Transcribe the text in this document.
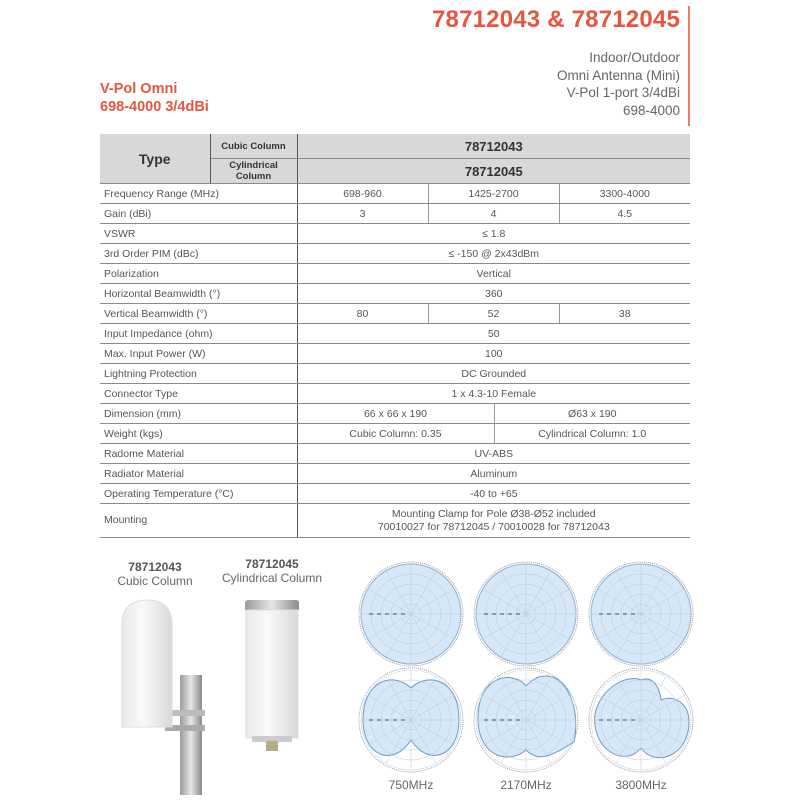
78712043 & 78712045
Indoor/Outdoor
Omni Antenna (Mini)
V-Pol 1-port 3/4dBi
698-4000
V-Pol Omni
698-4000 3/4dBi
Type	Cubic Column	78712043			
	Cylindrical Column	78712045			
Frequency Range (MHz)		698-960	1425-2700		3300-4000
Gain (dBi)		3	4		4.5
VSWR		≤ 1.8			
3rd Order PIM (dBc)		≤ -150 @ 2x43dBm			
Polarization		Vertical			
Horizontal Beamwidth (°)		360			
Vertical Beamwidth (°)		80	52		38
Input Impedance (ohm)		50			
Max. Input Power (W)		100			
Lightning Protection		DC Grounded			
Connector Type		1 x 4.3-10 Female			
Dimension (mm)		66 x 66 x 190		Ø63 x 190	
Weight (kgs)		Cubic Column: 0.35		Cylindrical Column: 1.0	
Radome Material		UV-ABS			
Radiator Material		Aluminum			
Operating Temperature (°C)		-40 to +65			
Mounting		Mounting Clamp for Pole Ø38-Ø52 included
70010027 for 78712045 / 70010028 for 78712043			
78712043
Cubic Column
78712045
Cylindrical Column
750MHz	2170MHz	3800MHz
